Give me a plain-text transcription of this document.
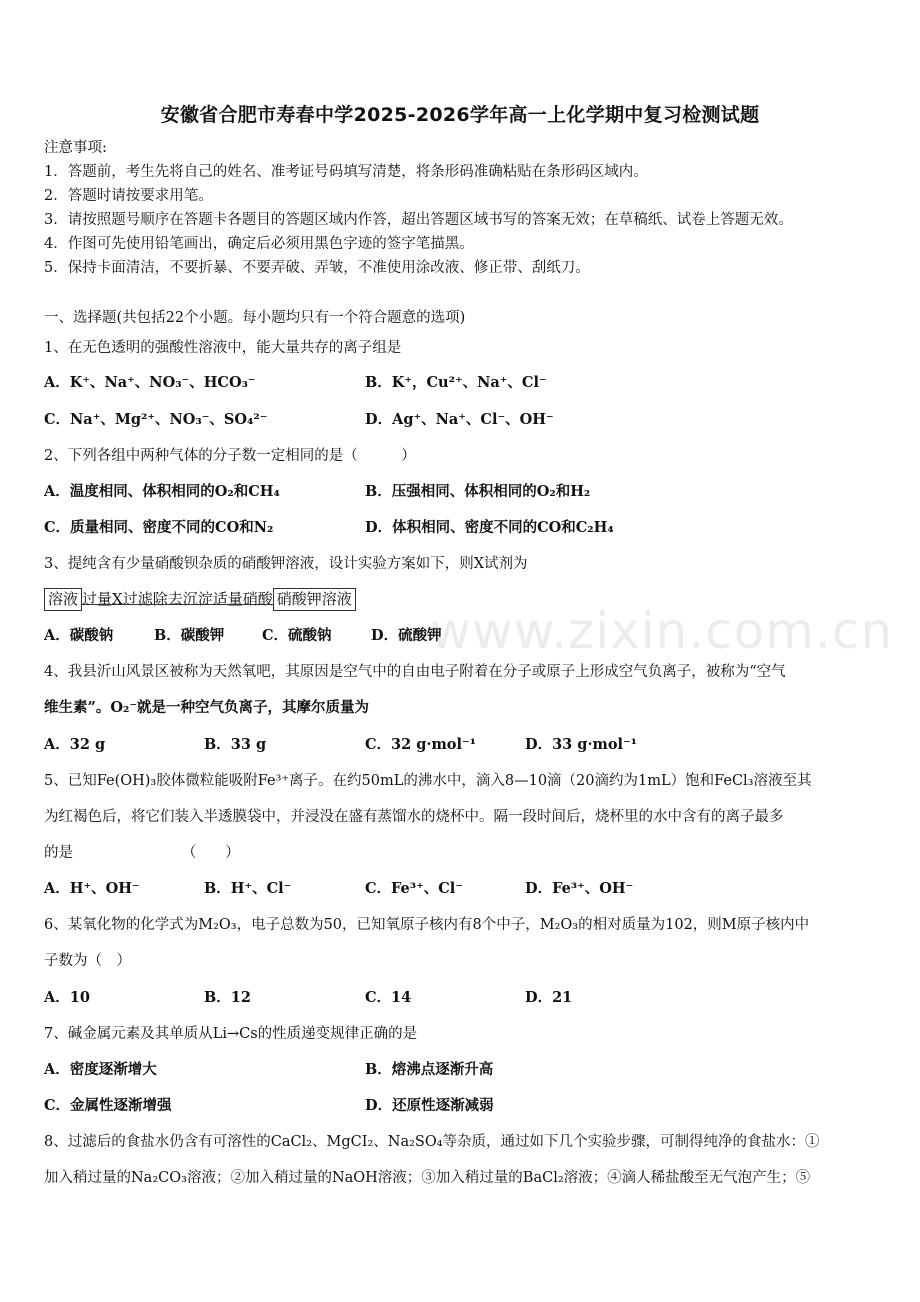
www.zixin.com.cn
安徽省合肥市寿春中学2025-2026学年高一上化学期中复习检测试题
注意事项:
1．答题前，考生先将自己的姓名、准考证号码填写清楚，将条形码准确粘贴在条形码区域内。
2．答题时请按要求用笔。
3．请按照题号顺序在答题卡各题目的答题区域内作答，超出答题区域书写的答案无效；在草稿纸、试卷上答题无效。
4．作图可先使用铅笔画出，确定后必须用黑色字迹的签字笔描黑。
5．保持卡面清洁，不要折暴、不要弄破、弄皱，不准使用涂改液、修正带、刮纸刀。
一、选择题(共包括22个小题。每小题均只有一个符合题意的选项)
1、在无色透明的强酸性溶液中，能大量共存的离子组是
A．K⁺、Na⁺、NO₃⁻、HCO₃⁻	B．K⁺，Cu²⁺、Na⁺、Cl⁻
C．Na⁺、Mg²⁺、NO₃⁻、SO₄²⁻	D．Ag⁺、Na⁺、Cl⁻、OH⁻
2、下列各组中两种气体的分子数一定相同的是（　　　）
A．温度相同、体积相同的O₂和CH₄	B．压强相同、体积相同的O₂和H₂
C．质量相同、密度不同的CO和N₂	D．体积相同、密度不同的CO和C₂H₄
3、提纯含有少量硝酸钡杂质的硝酸钾溶液，设计实验方案如下，则X试剂为
溶液 过量X过滤除去沉淀适量硝酸 硝酸钾溶液
A．碳酸钠	B．碳酸钾	C．硫酸钠	D．硫酸钾
4、我县沂山风景区被称为天然氧吧，其原因是空气中的自由电子附着在分子或原子上形成空气负离子，被称为“空气
维生素”。O₂⁻就是一种空气负离子，其摩尔质量为
A．32 g	B．33 g	C．32 g·mol⁻¹	D．33 g·mol⁻¹
5、已知Fe(OH)₃胶体微粒能吸附Fe³⁺离子。在约50mL的沸水中，滴入8—10滴（20滴约为1mL）饱和FeCl₃溶液至其
为红褐色后，将它们装入半透膜袋中，并浸没在盛有蒸馏水的烧杯中。隔一段时间后，烧杯里的水中含有的离子最多
的是　　　　　　　　（　　）
A．H⁺、OH⁻	B．H⁺、Cl⁻	C．Fe³⁺、Cl⁻	D．Fe³⁺、OH⁻
6、某氧化物的化学式为M₂O₃，电子总数为50，已知氧原子核内有8个中子，M₂O₃的相对质量为102，则M原子核内中
子数为（　）
A．10	B．12	C．14	D．21
7、碱金属元素及其单质从Li→Cs的性质递变规律正确的是
A．密度逐渐增大	B．熔沸点逐渐升高
C．金属性逐渐增强	D．还原性逐渐减弱
8、过滤后的食盐水仍含有可溶性的CaCl₂、MgCI₂、Na₂SO₄等杂质，通过如下几个实验步骤，可制得纯净的食盐水：①
加入稍过量的Na₂CO₃溶液；②加入稍过量的NaOH溶液；③加入稍过量的BaCl₂溶液；④滴人稀盐酸至无气泡产生；⑤
